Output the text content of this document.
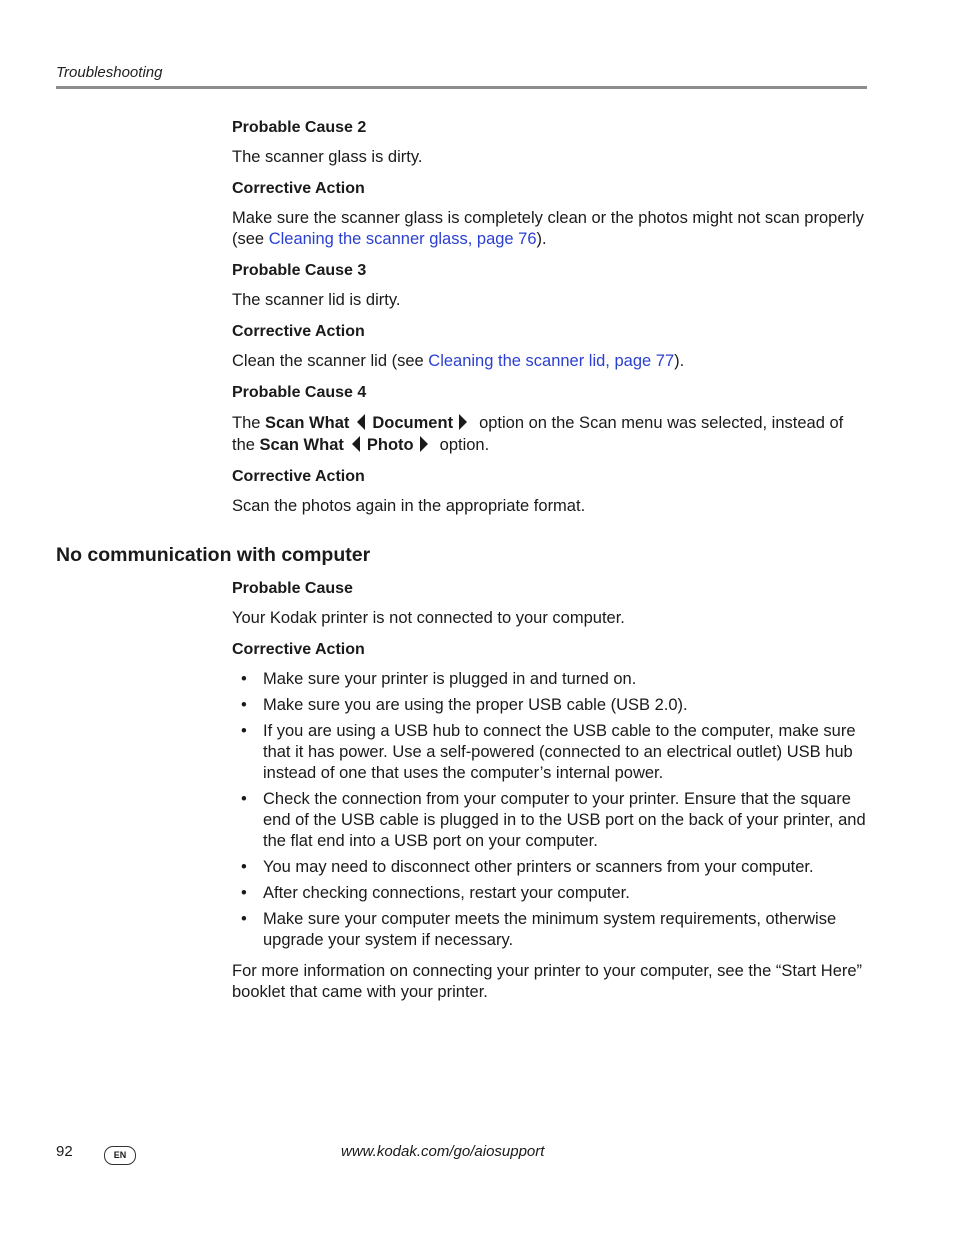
Troubleshooting
Probable Cause 2
The scanner glass is dirty.
Corrective Action
Make sure the scanner glass is completely clean or the photos might not scan properly (see Cleaning the scanner glass, page 76).
Probable Cause 3
The scanner lid is dirty.
Corrective Action
Clean the scanner lid (see Cleaning the scanner lid, page 77).
Probable Cause 4
The Scan What Document option on the Scan menu was selected, instead of the Scan What Photo option.
Corrective Action
Scan the photos again in the appropriate format.
No communication with computer
Probable Cause
Your Kodak printer is not connected to your computer.
Corrective Action
• Make sure your printer is plugged in and turned on.
• Make sure you are using the proper USB cable (USB 2.0).
• If you are using a USB hub to connect the USB cable to the computer, make sure that it has power. Use a self-powered (connected to an electrical outlet) USB hub instead of one that uses the computer’s internal power.
• Check the connection from your computer to your printer. Ensure that the square end of the USB cable is plugged in to the USB port on the back of your printer, and the flat end into a USB port on your computer.
• You may need to disconnect other printers or scanners from your computer.
• After checking connections, restart your computer.
• Make sure your computer meets the minimum system requirements, otherwise upgrade your system if necessary.
For more information on connecting your printer to your computer, see the “Start Here” booklet that came with your printer.
92	EN	www.kodak.com/go/aiosupport
